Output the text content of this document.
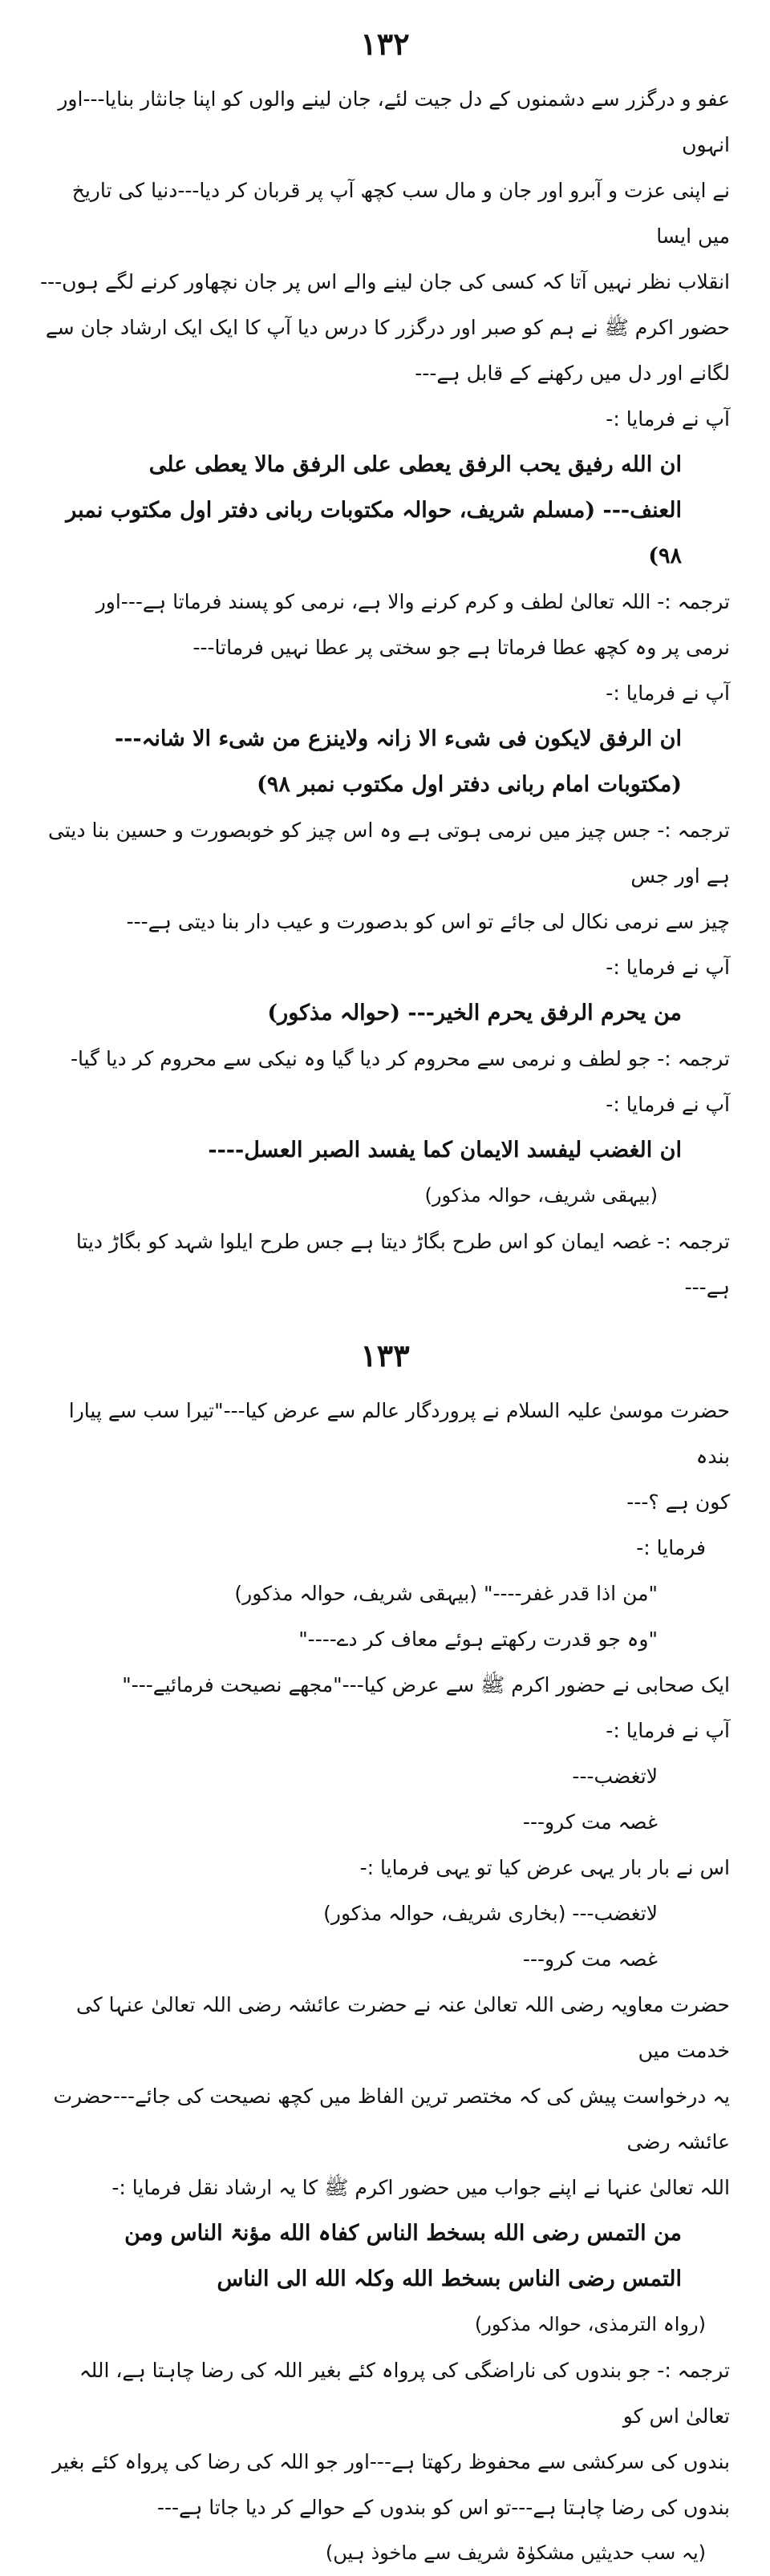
١٣٢

عفو و درگزر سے دشمنوں کے دل جیت لئے، جان لینے والوں کو اپنا جانثار بنایا---اور انہوں

نے اپنی عزت و آبرو اور جان و مال سب کچھ آپ پر قربان کر دیا---دنیا کی تاریخ میں ایسا

انقلاب نظر نہیں آتا کہ کسی کی جان لینے والے اس پر جان نچھاور کرنے لگے ہوں---

حضور اکرم ﷺ نے ہم کو صبر اور درگزر کا درس دیا آپ کا ایک ایک ارشاد جان سے

لگانے اور دل میں رکھنے کے قابل ہے---

آپ نے فرمایا :-

ان الله رفیق یحب الرفق یعطی علی الرفق مالا یعطی علی

العنف--- (مسلم شریف، حوالہ مکتوبات ربانی دفتر اول مکتوب نمبر ۹۸)

ترجمہ :- اللہ تعالیٰ لطف و کرم کرنے والا ہے، نرمی کو پسند فرماتا ہے---اور

نرمی پر وہ کچھ عطا فرماتا ہے جو سختی پر عطا نہیں فرماتا---

آپ نے فرمایا :-

ان الرفق لایکون فی شیء الا زانہ ولاینزع من شیء الا شانہ---

(مکتوبات امام ربانی دفتر اول مکتوب نمبر ۹۸)

ترجمہ :- جس چیز میں نرمی ہوتی ہے وہ اس چیز کو خوبصورت و حسین بنا دیتی ہے اور جس

چیز سے نرمی نکال لی جائے تو اس کو بدصورت و عیب دار بنا دیتی ہے---

آپ نے فرمایا :-

من یحرم الرفق یحرم الخیر--- (حوالہ مذکور)

ترجمہ :- جو لطف و نرمی سے محروم کر دیا گیا وہ نیکی سے محروم کر دیا گیا-

آپ نے فرمایا :-

ان الغضب لیفسد الایمان کما یفسد الصبر العسل----

(بیہقی شریف، حوالہ مذکور)

ترجمہ :- غصہ ایمان کو اس طرح بگاڑ دیتا ہے جس طرح ایلوا شہد کو بگاڑ دیتا ہے---

١٣٣

حضرت موسیٰ علیہ السلام نے پروردگار عالم سے عرض کیا---"تیرا سب سے پیارا بندہ

کون ہے ؟---

فرمایا :-

"من اذا قدر غفر----" (بیہقی شریف، حوالہ مذکور)

"وہ جو قدرت رکھتے ہوئے معاف کر دے----"

ایک صحابی نے حضور اکرم ﷺ سے عرض کیا---"مجھے نصیحت فرمائیے---"

آپ نے فرمایا :-

لاتغضب---

غصہ مت کرو---

اس نے بار بار یہی عرض کیا تو یہی فرمایا :-

لاتغضب--- (بخاری شریف، حوالہ مذکور)

غصہ مت کرو---

حضرت معاویہ رضی اللہ تعالیٰ عنہ نے حضرت عائشہ رضی اللہ تعالیٰ عنہا کی خدمت میں

یہ درخواست پیش کی کہ مختصر ترین الفاظ میں کچھ نصیحت کی جائے---حضرت عائشہ رضی

اللہ تعالیٰ عنہا نے اپنے جواب میں حضور اکرم ﷺ کا یہ ارشاد نقل فرمایا :-

من التمس رضی الله بسخط الناس کفاہ الله مؤنۃ الناس ومن

التمس رضی الناس بسخط الله وکلہ الله الی الناس

(رواہ الترمذی، حوالہ مذکور)

ترجمہ :- جو بندوں کی ناراضگی کی پرواہ کئے بغیر اللہ کی رضا چاہتا ہے، اللہ تعالیٰ اس کو

بندوں کی سرکشی سے محفوظ رکھتا ہے---اور جو اللہ کی رضا کی پرواہ کئے بغیر

بندوں کی رضا چاہتا ہے---تو اس کو بندوں کے حوالے کر دیا جاتا ہے---

(یہ سب حدیثیں مشکوٰۃ شریف سے ماخوذ ہیں)
